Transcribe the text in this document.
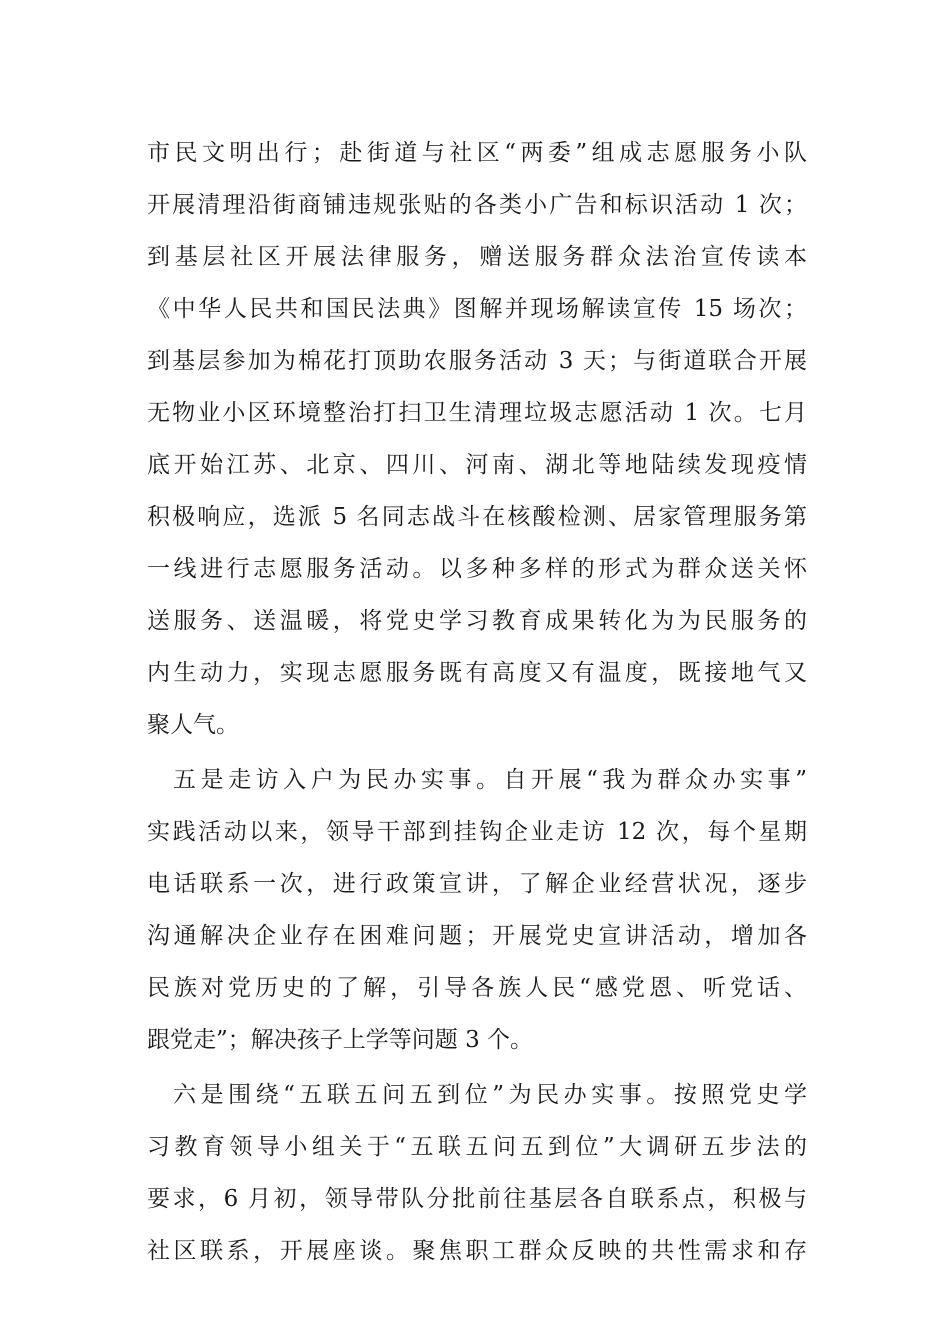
市民文明出行；赴街道与社区“两委”组成志愿服务小队
开展清理沿街商铺违规张贴的各类小广告和标识活动 1 次；
到基层社区开展法律服务，赠送服务群众法治宣传读本
《中华人民共和国民法典》图解并现场解读宣传 15 场次；
到基层参加为棉花打顶助农服务活动 3 天；与街道联合开展
无物业小区环境整治打扫卫生清理垃圾志愿活动 1 次。七月
底开始江苏、北京、四川、河南、湖北等地陆续发现疫情
积极响应，选派 5 名同志战斗在核酸检测、居家管理服务第
一线进行志愿服务活动。以多种多样的形式为群众送关怀
送服务、送温暖，将党史学习教育成果转化为为民服务的
内生动力，实现志愿服务既有高度又有温度，既接地气又
聚人气。
五是走访入户为民办实事。自开展“我为群众办实事”
实践活动以来，领导干部到挂钩企业走访 12 次，每个星期
电话联系一次，进行政策宣讲，了解企业经营状况，逐步
沟通解决企业存在困难问题；开展党史宣讲活动，增加各
民族对党历史的了解，引导各族人民“感党恩、听党话、
跟党走”；解决孩子上学等问题 3 个。
六是围绕“五联五问五到位”为民办实事。按照党史学
习教育领导小组关于“五联五问五到位”大调研五步法的
要求，6 月初，领导带队分批前往基层各自联系点，积极与
社区联系，开展座谈。聚焦职工群众反映的共性需求和存
